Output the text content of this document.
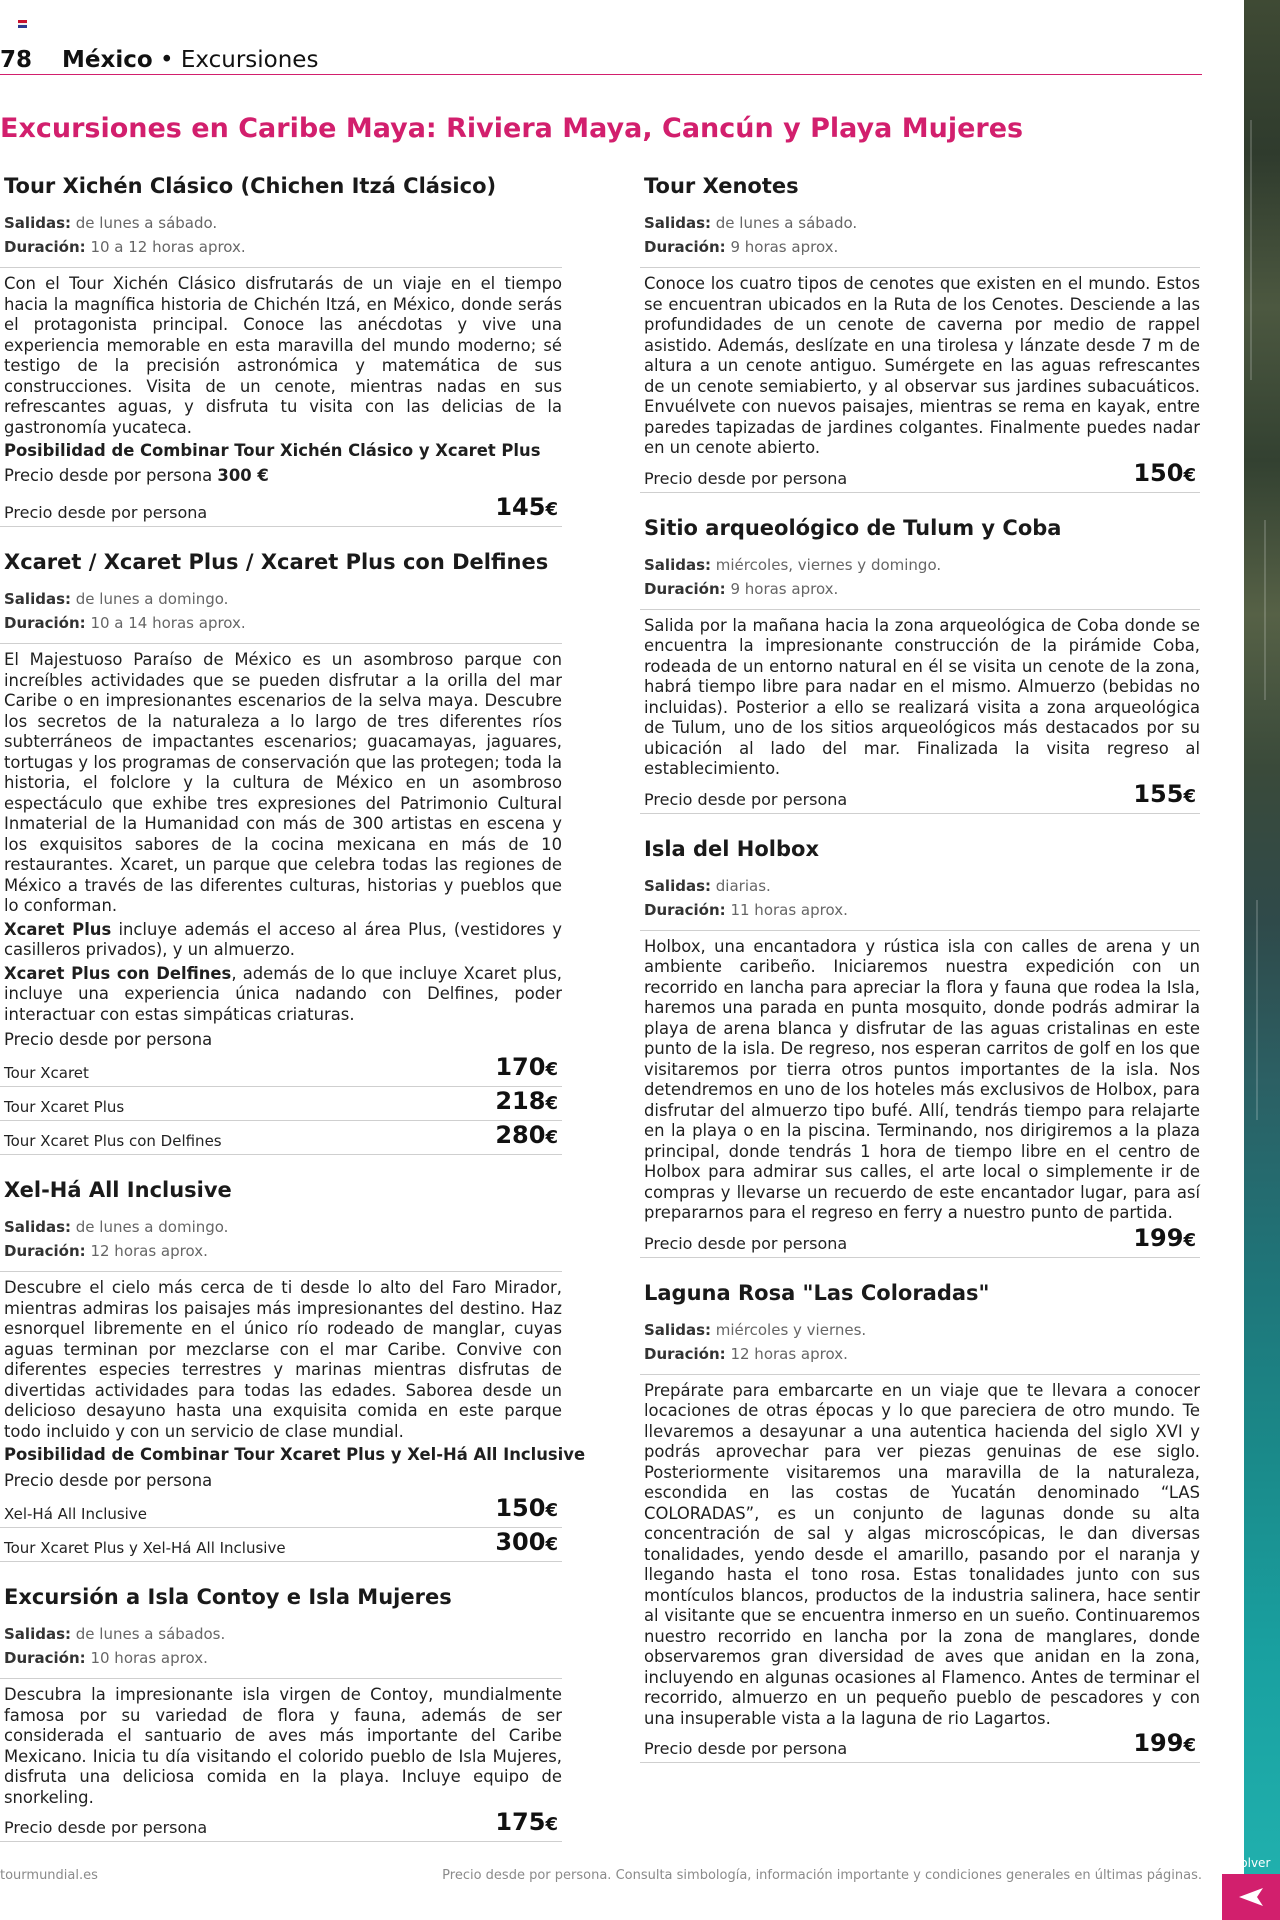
Volver
78 México • Excursiones
Excursiones en Caribe Maya: Riviera Maya, Cancún y Playa Mujeres
Tour Xichén Clásico (Chichen Itzá Clásico)
Salidas: de lunes a sábado.
Duración: 10 a 12 horas aprox.

Con el Tour Xichén Clásico disfrutarás de un viaje en el tiempo hacia la magnífica historia de Chichén Itzá, en México, donde serás el protagonista principal. Conoce las anécdotas y vive una experiencia memorable en esta maravilla del mundo moderno; sé testigo de la precisión astronómica y matemática de sus construcciones. Visita de un cenote, mientras nadas en sus refrescantes aguas, y disfruta tu visita con las delicias de la gastronomía yucateca.

Posibilidad de Combinar Tour Xichén Clásico y Xcaret Plus
Precio desde por persona 300 €
Precio desde por persona	145€
Xcaret / Xcaret Plus / Xcaret Plus con Delfines
Salidas: de lunes a domingo.
Duración: 10 a 14 horas aprox.

El Majestuoso Paraíso de México es un asombroso parque con increíbles actividades que se pueden disfrutar a la orilla del mar Caribe o en impresionantes escenarios de la selva maya. Descubre los secretos de la naturaleza a lo largo de tres diferentes ríos subterráneos de impactantes escenarios; guacamayas, jaguares, tortugas y los programas de conservación que las protegen; toda la historia, el folclore y la cultura de México en un asombroso espectáculo que exhibe tres expresiones del Patrimonio Cultural Inmaterial de la Humanidad con más de 300 artistas en escena y los exquisitos sabores de la cocina mexicana en más de 10 restaurantes. Xcaret, un parque que celebra todas las regiones de México a través de las diferentes culturas, historias y pueblos que lo conforman.

Xcaret Plus incluye además el acceso al área Plus, (vestidores y casilleros privados), y un almuerzo.

Xcaret Plus con Delfines, además de lo que incluye Xcaret plus, incluye una experiencia única nadando con Delfines, poder interactuar con estas simpáticas criaturas.

Precio desde por persona
Tour Xcaret	170€
Tour Xcaret Plus	218€
Tour Xcaret Plus con Delfines	280€
Xel-Há All Inclusive
Salidas: de lunes a domingo.
Duración: 12 horas aprox.

Descubre el cielo más cerca de ti desde lo alto del Faro Mirador, mientras admiras los paisajes más impresionantes del destino. Haz esnorquel libremente en el único río rodeado de manglar, cuyas aguas terminan por mezclarse con el mar Caribe. Convive con diferentes especies terrestres y marinas mientras disfrutas de divertidas actividades para todas las edades. Saborea desde un delicioso desayuno hasta una exquisita comida en este parque todo incluido y con un servicio de clase mundial.

Posibilidad de Combinar Tour Xcaret Plus y Xel-Há All Inclusive
Precio desde por persona
Xel-Há All Inclusive	150€
Tour Xcaret Plus y Xel-Há All Inclusive	300€
Excursión a Isla Contoy e Isla Mujeres
Salidas: de lunes a sábados.
Duración: 10 horas aprox.

Descubra la impresionante isla virgen de Contoy, mundialmente famosa por su variedad de flora y fauna, además de ser considerada el santuario de aves más importante del Caribe Mexicano. Inicia tu día visitando el colorido pueblo de Isla Mujeres, disfruta una deliciosa comida en la playa. Incluye equipo de snorkeling.

Precio desde por persona	175€
Tour Xenotes
Salidas: de lunes a sábado.
Duración: 9 horas aprox.

Conoce los cuatro tipos de cenotes que existen en el mundo. Estos se encuentran ubicados en la Ruta de los Cenotes. Desciende a las profundidades de un cenote de caverna por medio de rappel asistido. Además, deslízate en una tirolesa y lánzate desde 7 m de altura a un cenote antiguo. Sumérgete en las aguas refrescantes de un cenote semiabierto, y al observar sus jardines subacuáticos. Envuélvete con nuevos paisajes, mientras se rema en kayak, entre paredes tapizadas de jardines colgantes. Finalmente puedes nadar en un cenote abierto.

Precio desde por persona	150€
Sitio arqueológico de Tulum y Coba
Salidas: miércoles, viernes y domingo.
Duración: 9 horas aprox.

Salida por la mañana hacia la zona arqueológica de Coba donde se encuentra la impresionante construcción de la pirámide Coba, rodeada de un entorno natural en él se visita un cenote de la zona, habrá tiempo libre para nadar en el mismo. Almuerzo (bebidas no incluidas). Posterior a ello se realizará visita a zona arqueológica de Tulum, uno de los sitios arqueológicos más destacados por su ubicación al lado del mar. Finalizada la visita regreso al establecimiento.

Precio desde por persona	155€
Isla del Holbox
Salidas: diarias.
Duración: 11 horas aprox.

Holbox, una encantadora y rústica isla con calles de arena y un ambiente caribeño. Iniciaremos nuestra expedición con un recorrido en lancha para apreciar la flora y fauna que rodea la Isla, haremos una parada en punta mosquito, donde podrás admirar la playa de arena blanca y disfrutar de las aguas cristalinas en este punto de la isla. De regreso, nos esperan carritos de golf en los que visitaremos por tierra otros puntos importantes de la isla. Nos detendremos en uno de los hoteles más exclusivos de Holbox, para disfrutar del almuerzo tipo bufé. Allí, tendrás tiempo para relajarte en la playa o en la piscina. Terminando, nos dirigiremos a la plaza principal, donde tendrás 1 hora de tiempo libre en el centro de Holbox para admirar sus calles, el arte local o simplemente ir de compras y llevarse un recuerdo de este encantador lugar, para así prepararnos para el regreso en ferry a nuestro punto de partida.

Precio desde por persona	199€
Laguna Rosa "Las Coloradas"
Salidas: miércoles y viernes.
Duración: 12 horas aprox.

Prepárate para embarcarte en un viaje que te llevara a conocer locaciones de otras épocas y lo que pareciera de otro mundo. Te llevaremos a desayunar a una autentica hacienda del siglo XVI y podrás aprovechar para ver piezas genuinas de ese siglo. Posteriormente visitaremos una maravilla de la naturaleza, escondida en las costas de Yucatán denominado “LAS COLORADAS”, es un conjunto de lagunas donde su alta concentración de sal y algas microscópicas, le dan diversas tonalidades, yendo desde el amarillo, pasando por el naranja y llegando hasta el tono rosa. Estas tonalidades junto con sus montículos blancos, productos de la industria salinera, hace sentir al visitante que se encuentra inmerso en un sueño. Continuaremos nuestro recorrido en lancha por la zona de manglares, donde observaremos gran diversidad de aves que anidan en la zona, incluyendo en algunas ocasiones al Flamenco. Antes de terminar el recorrido, almuerzo en un pequeño pueblo de pescadores y con una insuperable vista a la laguna de rio Lagartos.

Precio desde por persona	199€
tourmundial.es	Precio desde por persona. Consulta simbología, información importante y condiciones generales en últimas páginas.
